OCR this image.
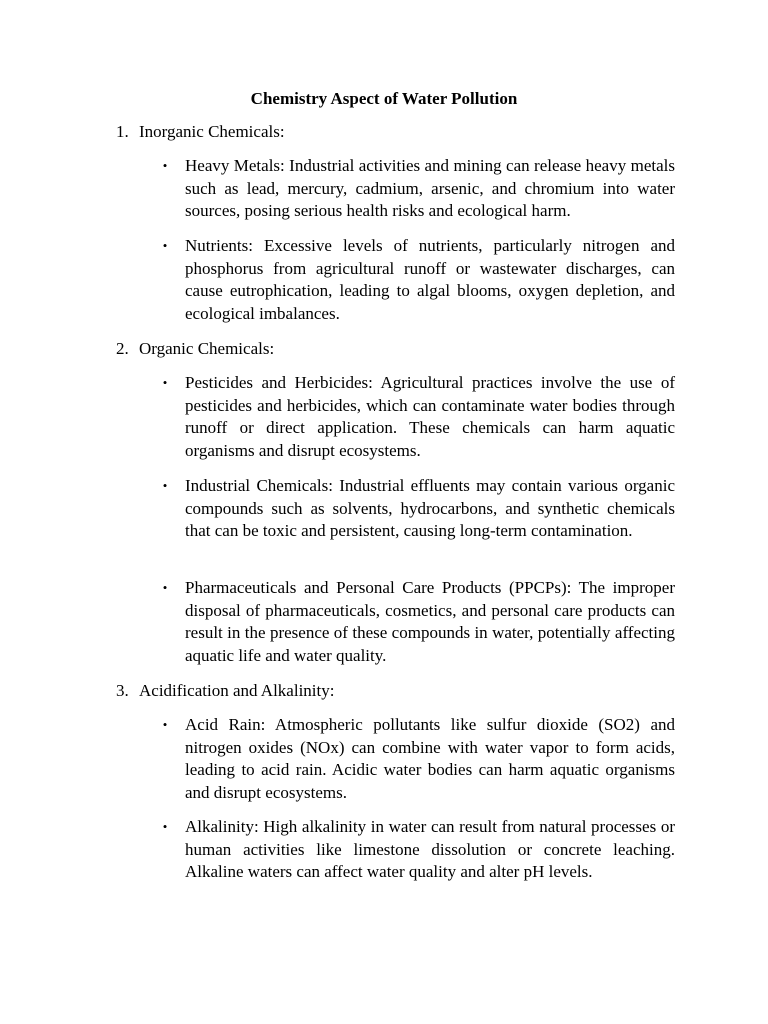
Chemistry Aspect of Water Pollution

1. Inorganic Chemicals:

• Heavy Metals: Industrial activities and mining can release heavy metals such as lead, mercury, cadmium, arsenic, and chromium into water sources, posing serious health risks and ecological harm.
• Nutrients: Excessive levels of nutrients, particularly nitrogen and phosphorus from agricultural runoff or wastewater discharges, can cause eutrophication, leading to algal blooms, oxygen depletion, and ecological imbalances.

2. Organic Chemicals:

• Pesticides and Herbicides: Agricultural practices involve the use of pesticides and herbicides, which can contaminate water bodies through runoff or direct application. These chemicals can harm aquatic organisms and disrupt ecosystems.
• Industrial Chemicals: Industrial effluents may contain various organic compounds such as solvents, hydrocarbons, and synthetic chemicals that can be toxic and persistent, causing long-term contamination.
• Pharmaceuticals and Personal Care Products (PPCPs): The improper disposal of pharmaceuticals, cosmetics, and personal care products can result in the presence of these compounds in water, potentially affecting aquatic life and water quality.

3. Acidification and Alkalinity:

• Acid Rain: Atmospheric pollutants like sulfur dioxide (SO2) and nitrogen oxides (NOx) can combine with water vapor to form acids, leading to acid rain. Acidic water bodies can harm aquatic organisms and disrupt ecosystems.
• Alkalinity: High alkalinity in water can result from natural processes or human activities like limestone dissolution or concrete leaching. Alkaline waters can affect water quality and alter pH levels.
